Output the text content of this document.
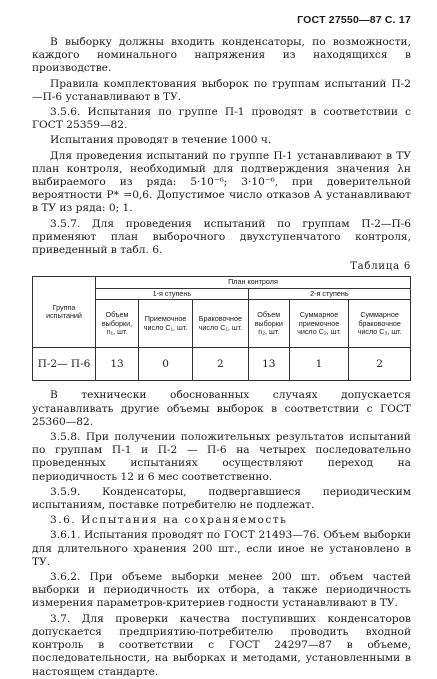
ГОСТ 27550—87 С. 17

В выборку должны входить конденсаторы, по возможности, каждого номинального напряжения из находящихся в производстве.

Правила комплектования выборок по группам испытаний П-2—П-6 устанавливают в ТУ.

3.5.6. Испытания по группе П-1 проводят в соответствии с ГОСТ 25359—82.

Испытания проводят в течение 1000 ч.

Для проведения испытаний по группе П-1 устанавливают в ТУ план контроля, необходимый для подтверждения значения λн выбираемого из ряда: 5·10⁻⁶; 3·10⁻⁶, при доверительной вероятности P* =0,6. Допустимое число отказов A устанавливают в ТУ из ряда: 0; 1.

3.5.7. Для проведения испытаний по группам П-2—П-6 применяют план выборочного двухступенчатого контроля, приведенный в табл. 6.

Таблица 6
Группа испытаний	План контроля					
	1-я ступень			2-я ступень		
	Объем выборки, n₁, шт.	Приемочное число C₁, шт.	Браковочное число C₁, шт.	Объем выборки n₂, шт.	Суммарное приемочное число C₂, шт.	Суммарное браковочное число C₃, шт.
П-2— П-6	13	0	2	13	1	2

В технически обоснованных случаях допускается устанавливать другие объемы выборок в соответствии с ГОСТ 25360—82.

3.5.8. При получении положительных результатов испытаний по группам П-1 и П-2 — П-6 на четырех последовательно проведенных испытаниях осуществляют переход на периодичность 12 и 6 мес соответственно.

3.5.9. Конденсаторы, подвергавшиеся периодическим испытаниям, поставке потребителю не подлежат.

3.6. Испытания на сохраняемость

3.6.1. Испытания проводят по ГОСТ 21493—76. Объем выборки для длительного хранения 200 шт., если иное не установлено в ТУ.

3.6.2. При объеме выборки менее 200 шт. объем частей выборки и периодичность их отбора, а также периодичность измерения параметров-критериев годности устанавливают в ТУ.

3.7. Для проверки качества поступивших конденсаторов допускается предприятию-потребителю проводить входной контроль в соответствии с ГОСТ 24297—87 в объеме, последовательности, на выборках и методами, установленными в настоящем стандарте.
